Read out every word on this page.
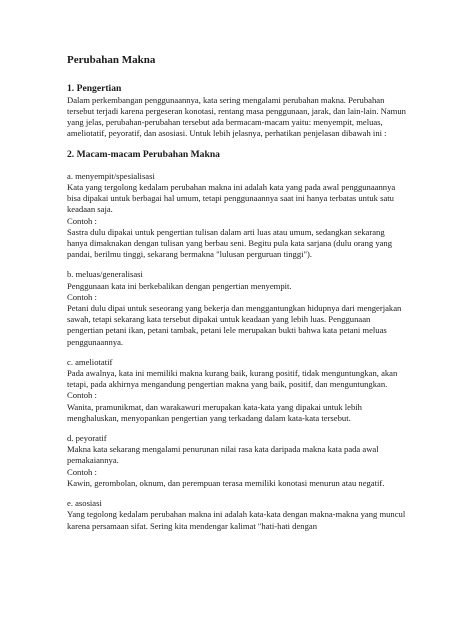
Perubahan Makna

1. Pengertian

Dalam perkembangan penggunaannya, kata sering mengalami perubahan makna. Perubahan tersebut terjadi karena pergeseran konotasi, rentang masa penggunaan, jarak, dan lain-lain. Namun yang jelas, perubahan-perubahan tersebut ada bermacam-macam yaitu: menyempit, meluas, ameliotatif, peyoratif, dan asosiasi. Untuk lebih jelasnya, perhatikan penjelasan dibawah ini :

2. Macam-macam Perubahan Makna

a. menyempit/spesialisasi

Kata yang tergolong kedalam perubahan makna ini adalah kata yang pada awal penggunaannya bisa dipakai untuk berbagai hal umum, tetapi penggunaannya saat ini hanya terbatas untuk satu keadaan saja.

Contoh :

Sastra dulu dipakai untuk pengertian tulisan dalam arti luas atau umum, sedangkan sekarang hanya dimaknakan dengan tulisan yang berbau seni. Begitu pula kata sarjana (dulu orang yang pandai, berilmu tinggi, sekarang bermakna "lulusan perguruan tinggi").

b. meluas/generalisasi

Penggunaan kata ini berkebalikan dengan pengertian menyempit.

Contoh :

Petani dulu dipai untuk seseorang yang bekerja dan menggantungkan hidupnya dari mengerjakan sawah, tetapi sekarang kata tersebut dipakai untuk keadaan yang lebih luas. Penggunaan pengertian petani ikan, petani tambak, petani lele merupakan bukti bahwa kata petani meluas penggunaannya.

c. ameliotatif

Pada awalnya, kata ini memiliki makna kurang baik, kurang positif, tidak menguntungkan, akan tetapi, pada akhirnya mengandung pengertian makna yang baik, positif, dan menguntungkan.

Contoh :

Wanita, pramunikmat, dan warakawuri merupakan kata-kata yang dipakai untuk lebih menghaluskan, menyopankan pengertian yang terkadang dalam kata-kata tersebut.

d. peyoratif

Makna kata sekarang mengalami penurunan nilai rasa kata daripada makna kata pada awal pemakaiannya.

Contoh :

Kawin, gerombolan, oknum, dan perempuan terasa memiliki konotasi menurun atau negatif.

e. asosiasi

Yang tegolong kedalam perubahan makna ini adalah kata-kata dengan makna-makna yang muncul karena persamaan sifat. Sering kita mendengar kalimat "hati-hati dengan
